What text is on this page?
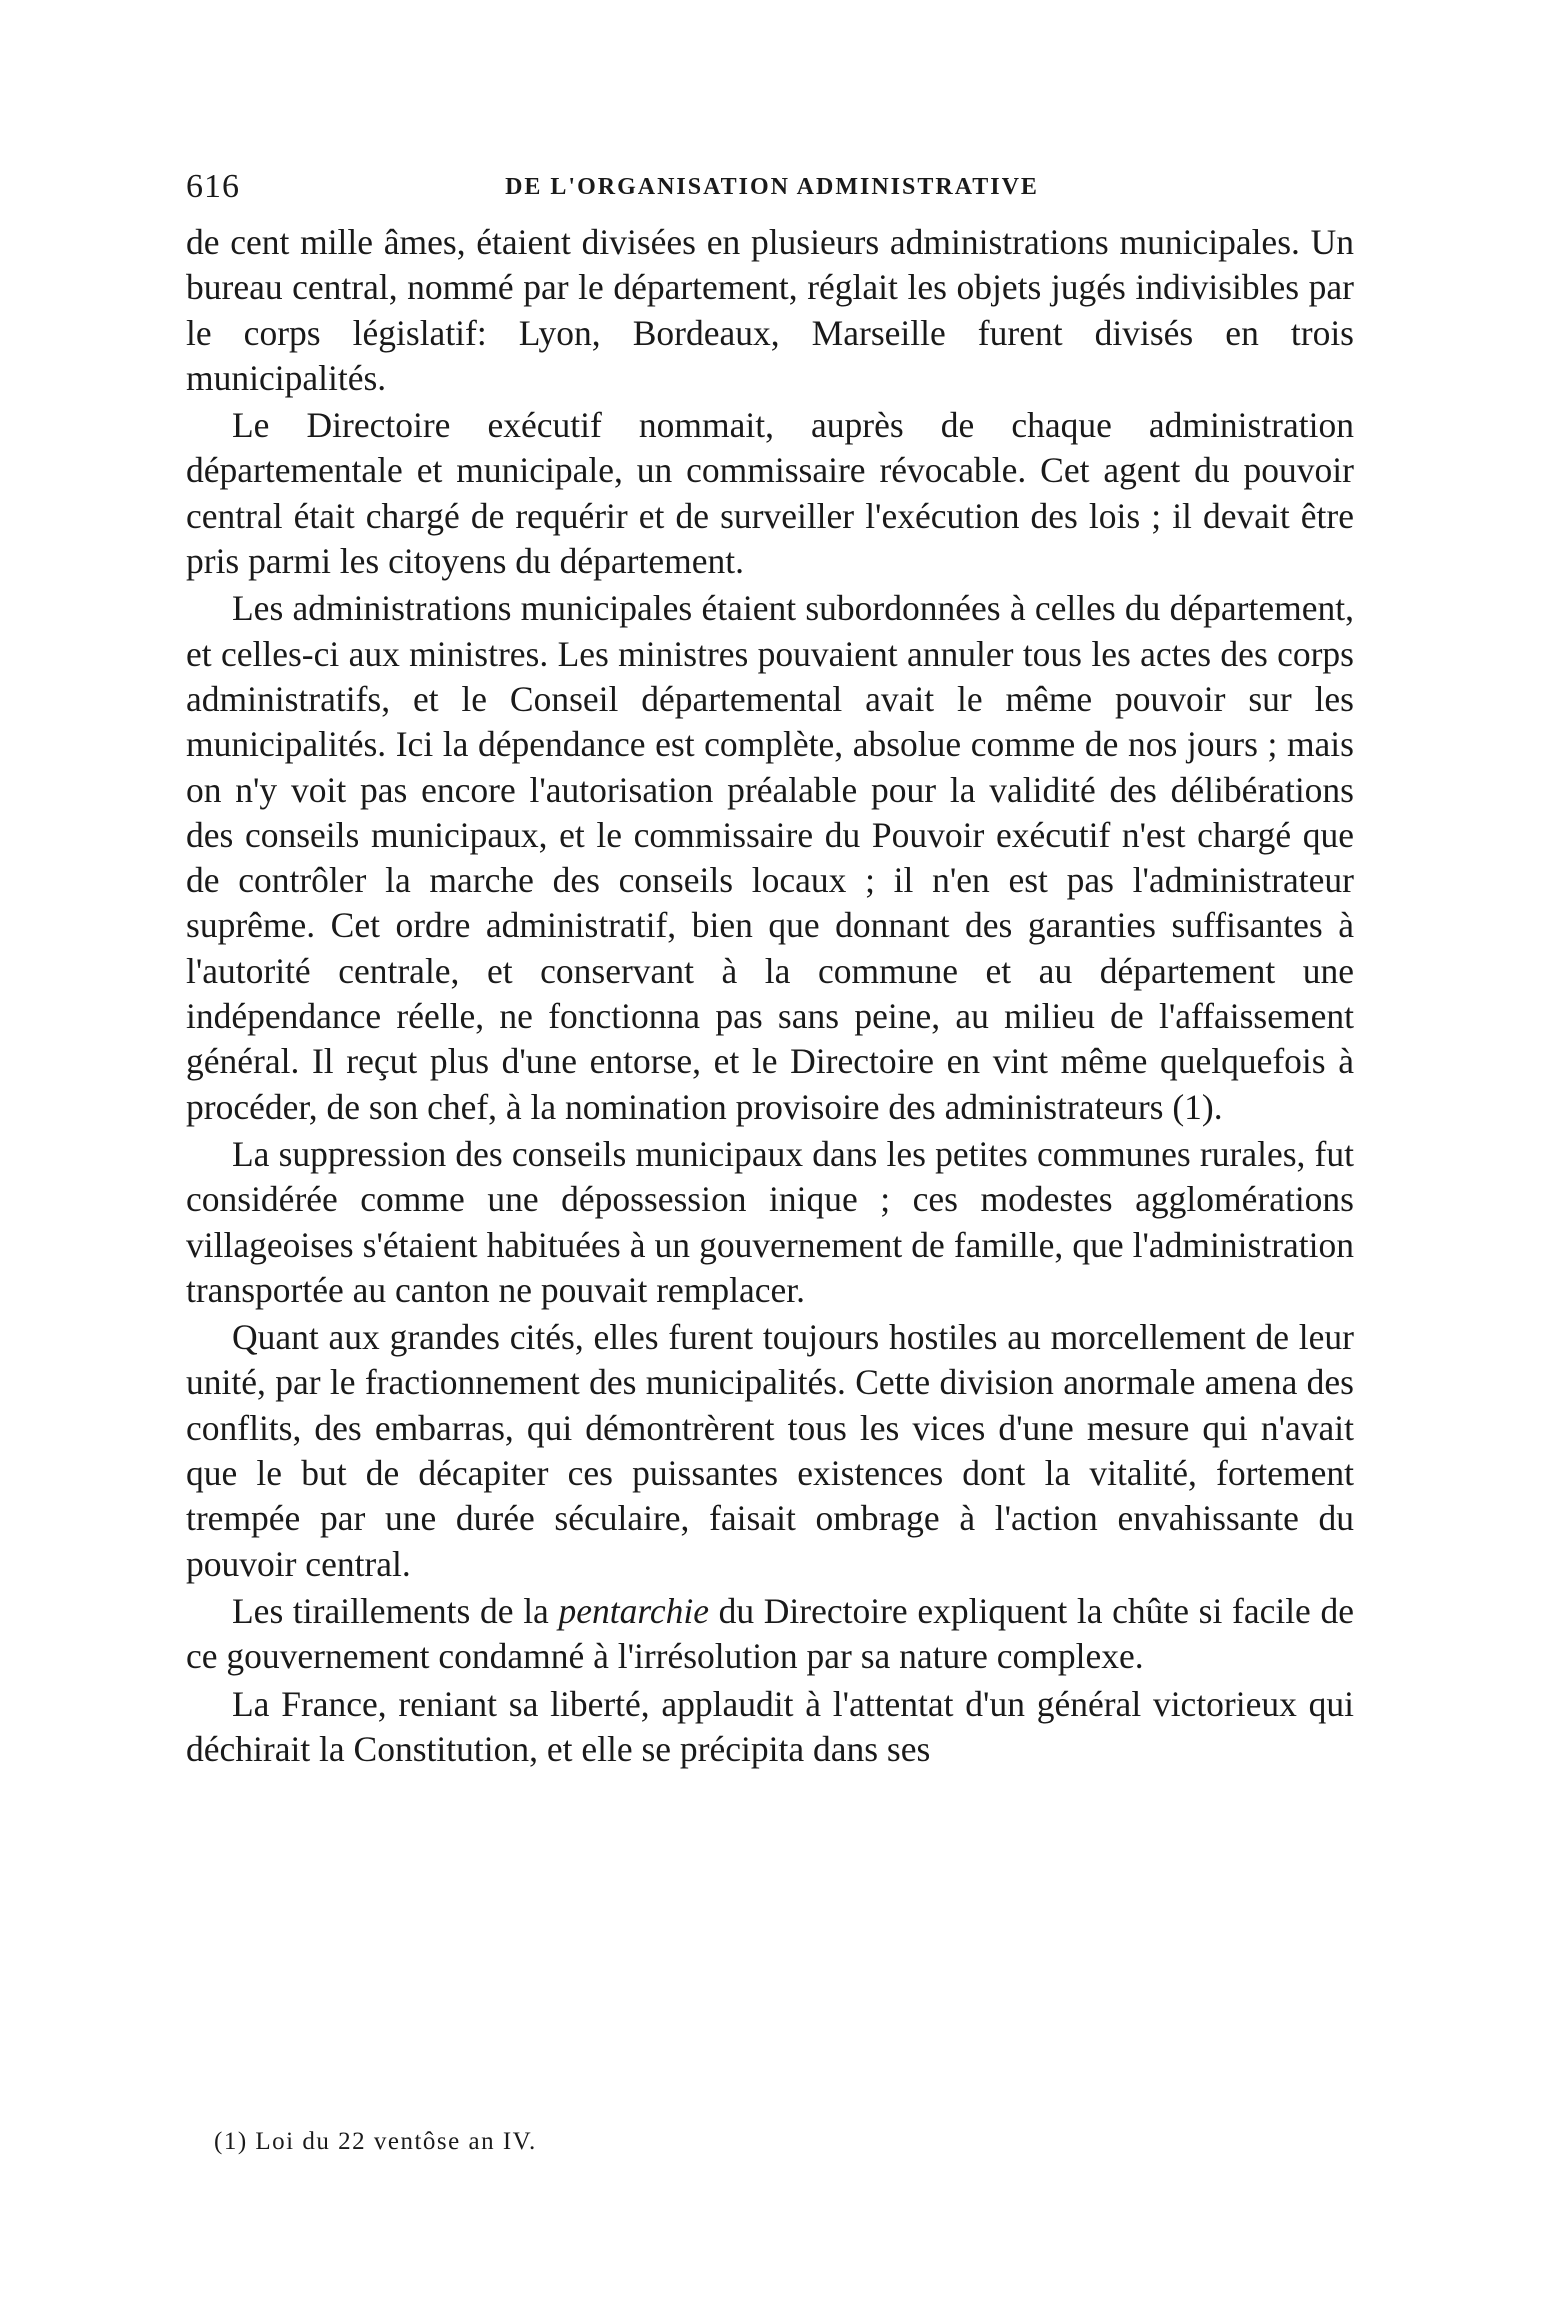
616	DE L'ORGANISATION ADMINISTRATIVE

de cent mille âmes, étaient divisées en plusieurs administrations municipales. Un bureau central, nommé par le département, réglait les objets jugés indivisibles par le corps législatif: Lyon, Bordeaux, Marseille furent divisés en trois municipalités.

Le Directoire exécutif nommait, auprès de chaque administration départementale et municipale, un commissaire révocable. Cet agent du pouvoir central était chargé de requérir et de surveiller l'exécution des lois ; il devait être pris parmi les citoyens du département.

Les administrations municipales étaient subordonnées à celles du département, et celles-ci aux ministres. Les ministres pouvaient annuler tous les actes des corps administratifs, et le Conseil départemental avait le même pouvoir sur les municipalités. Ici la dépendance est complète, absolue comme de nos jours ; mais on n'y voit pas encore l'autorisation préalable pour la validité des délibérations des conseils municipaux, et le commissaire du Pouvoir exécutif n'est chargé que de contrôler la marche des conseils locaux ; il n'en est pas l'administrateur suprême. Cet ordre administratif, bien que donnant des garanties suffisantes à l'autorité centrale, et conservant à la commune et au département une indépendance réelle, ne fonctionna pas sans peine, au milieu de l'affaissement général. Il reçut plus d'une entorse, et le Directoire en vint même quelquefois à procéder, de son chef, à la nomination provisoire des administrateurs (1).

La suppression des conseils municipaux dans les petites communes rurales, fut considérée comme une dépossession inique ; ces modestes agglomérations villageoises s'étaient habituées à un gouvernement de famille, que l'administration transportée au canton ne pouvait remplacer.

Quant aux grandes cités, elles furent toujours hostiles au morcellement de leur unité, par le fractionnement des municipalités. Cette division anormale amena des conflits, des embarras, qui démontrèrent tous les vices d'une mesure qui n'avait que le but de décapiter ces puissantes existences dont la vitalité, fortement trempée par une durée séculaire, faisait ombrage à l'action envahissante du pouvoir central.

Les tiraillements de la pentarchie du Directoire expliquent la chûte si facile de ce gouvernement condamné à l'irrésolution par sa nature complexe.

La France, reniant sa liberté, applaudit à l'attentat d'un général victorieux qui déchirait la Constitution, et elle se précipita dans ses

(1) Loi du 22 ventôse an IV.
